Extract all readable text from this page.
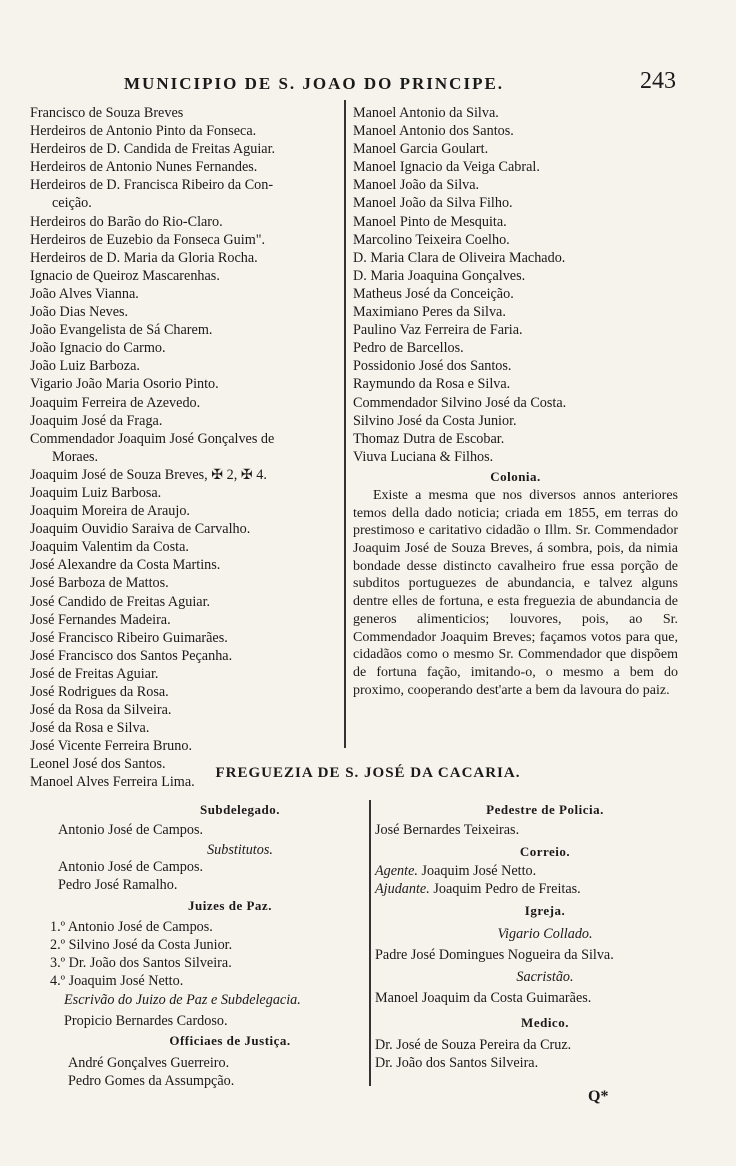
MUNICIPIO DE S. JOAO DO PRINCIPE.	243
Francisco de Souza Breves
Herdeiros de Antonio Pinto da Fonseca.
Herdeiros de D. Candida de Freitas Aguiar.
Herdeiros de Antonio Nunes Fernandes.
Herdeiros de D. Francisca Ribeiro da Con-
ceição.
Herdeiros do Barão do Rio-Claro.
Herdeiros de Euzebio da Fonseca Guim".
Herdeiros de D. Maria da Gloria Rocha.
Ignacio de Queiroz Mascarenhas.
João Alves Vianna.
João Dias Neves.
João Evangelista de Sá Charem.
João Ignacio do Carmo.
João Luiz Barboza.
Vigario João Maria Osorio Pinto.
Joaquim Ferreira de Azevedo.
Joaquim José da Fraga.
Commendador Joaquim José Gonçalves de
Moraes.
Joaquim José de Souza Breves, ✠ 2, ✠ 4.
Joaquim Luiz Barbosa.
Joaquim Moreira de Araujo.
Joaquim Ouvidio Saraiva de Carvalho.
Joaquim Valentim da Costa.
José Alexandre da Costa Martins.
José Barboza de Mattos.
José Candido de Freitas Aguiar.
José Fernandes Madeira.
José Francisco Ribeiro Guimarães.
José Francisco dos Santos Peçanha.
José de Freitas Aguiar.
José Rodrigues da Rosa.
José da Rosa da Silveira.
José da Rosa e Silva.
José Vicente Ferreira Bruno.
Leonel José dos Santos.
Manoel Alves Ferreira Lima.
Manoel Antonio da Silva.
Manoel Antonio dos Santos.
Manoel Garcia Goulart.
Manoel Ignacio da Veiga Cabral.
Manoel João da Silva.
Manoel João da Silva Filho.
Manoel Pinto de Mesquita.
Marcolino Teixeira Coelho.
D. Maria Clara de Oliveira Machado.
D. Maria Joaquina Gonçalves.
Matheus José da Conceição.
Maximiano Peres da Silva.
Paulino Vaz Ferreira de Faria.
Pedro de Barcellos.
Possidonio José dos Santos.
Raymundo da Rosa e Silva.
Commendador Silvino José da Costa.
Silvino José da Costa Junior.
Thomaz Dutra de Escobar.
Viuva Luciana & Filhos.
Colonia.
Existe a mesma que nos diversos annos anteriores temos della dado noticia; criada em 1855, em terras do prestimoso e caritativo cidadão o Illm. Sr. Commendador Joaquim José de Souza Breves, á sombra, pois, da nimia bondade desse distincto cavalheiro frue essa porção de subditos portuguezes de abundancia, e talvez alguns dentre elles de fortuna, e esta freguezia de abundancia de generos alimenticios; louvores, pois, ao Sr. Commendador Joaquim Breves; façamos votos para que, cidadãos como o mesmo Sr. Commendador que dispõem de fortuna fação, imitando-o, o mesmo a bem do proximo, cooperando dest'arte a bem da lavoura do paiz.
FREGUEZIA DE S. JOSÉ DA CACARIA.
Subdelegado.
Antonio José de Campos.
Substitutos.
Antonio José de Campos.
Pedro José Ramalho.
Juizes de Paz.
1.º Antonio José de Campos.
2.º Silvino José da Costa Junior.
3.º Dr. João dos Santos Silveira.
4.º Joaquim José Netto.
Escrivão do Juizo de Paz e Subdelegacia.
Propicio Bernardes Cardoso.
Officiaes de Justiça.
André Gonçalves Guerreiro.
Pedro Gomes da Assumpção.
Pedestre de Policia.
José Bernardes Teixeiras.
Correio.
Agente. Joaquim José Netto.
Ajudante. Joaquim Pedro de Freitas.
Igreja.
Vigario Collado.
Padre José Domingues Nogueira da Silva.
Sacristão.
Manoel Joaquim da Costa Guimarães.
Medico.
Dr. José de Souza Pereira da Cruz.
Dr. João dos Santos Silveira.
Q*
